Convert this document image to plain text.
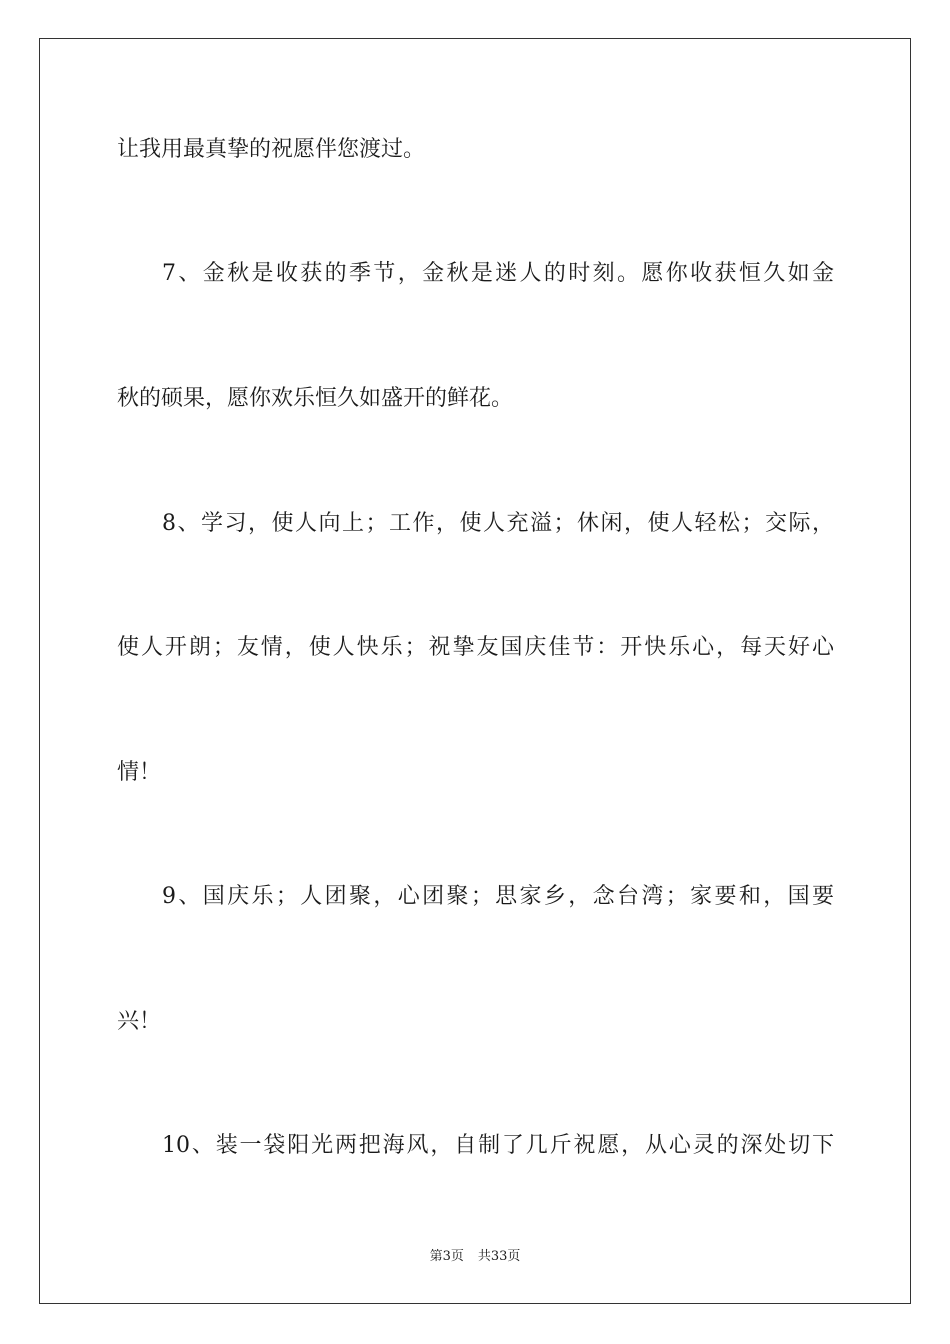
让我用最真挚的祝愿伴您渡过。
7、金秋是收获的季节，金秋是迷人的时刻。愿你收获恒久如金
秋的硕果，愿你欢乐恒久如盛开的鲜花。
8、学习，使人向上；工作，使人充溢；休闲，使人轻松；交际，
使人开朗；友情，使人快乐；祝挚友国庆佳节：开快乐心，每天好心
情！
9、国庆乐；人团聚，心团聚；思家乡，念台湾；家要和，国要
兴！
10、装一袋阳光两把海风，自制了几斤祝愿，从心灵的深处切下
第3页 共33页
